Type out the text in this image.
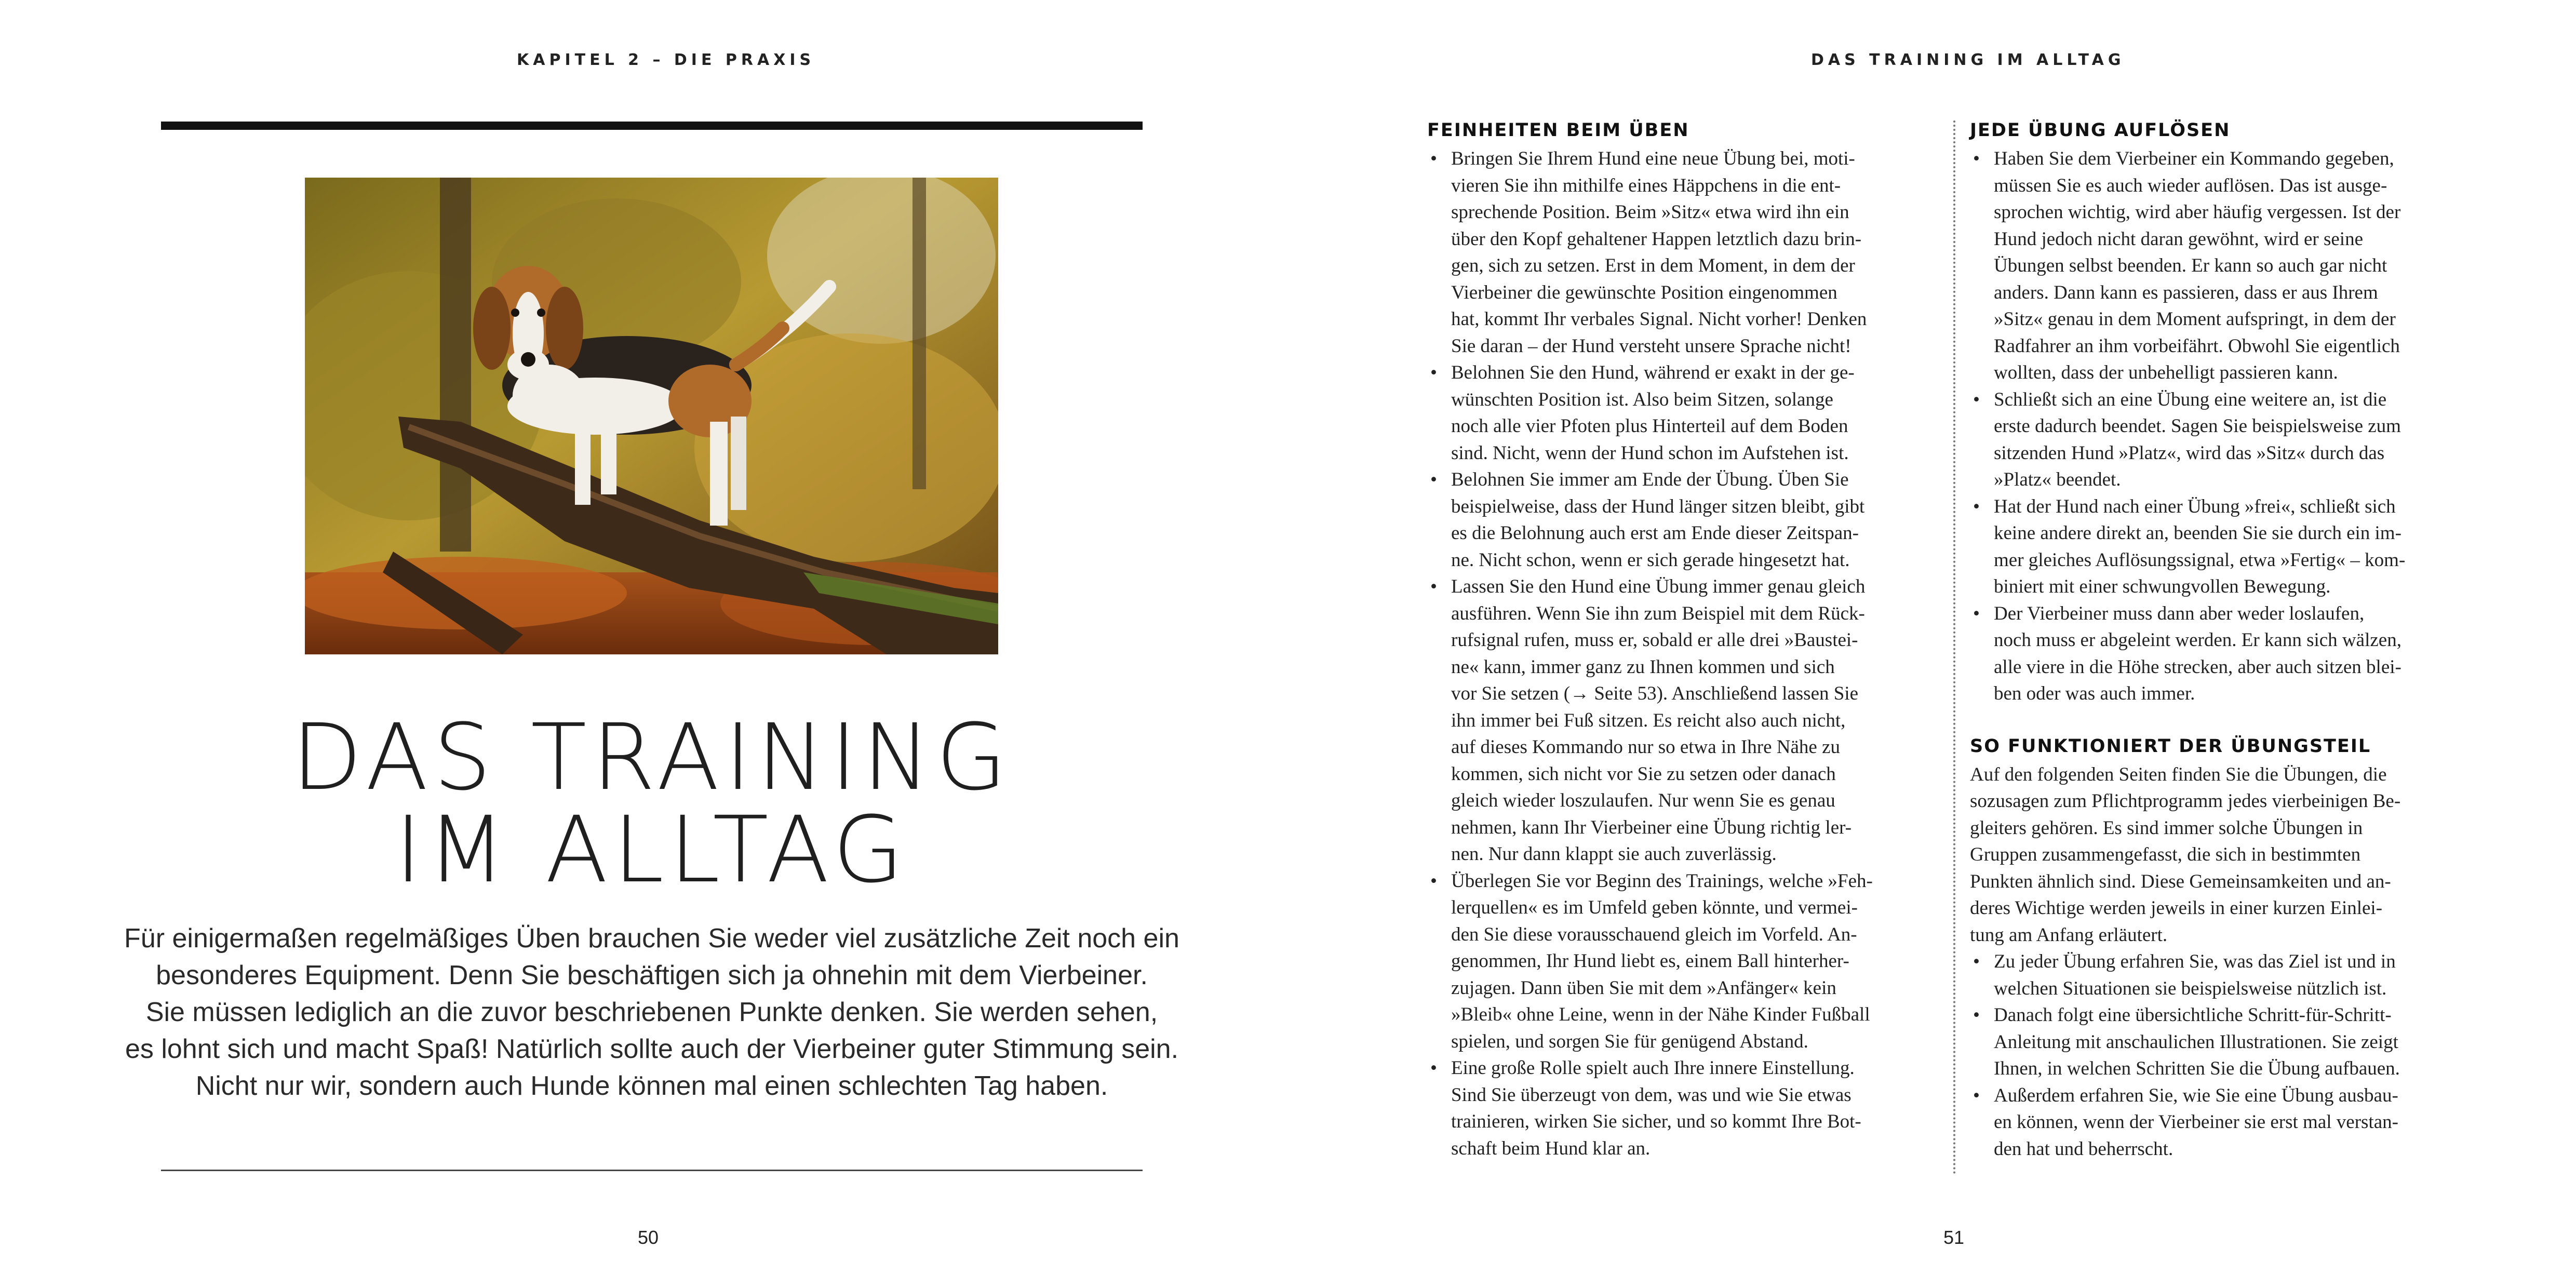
KAPITEL 2 – DIE PRAXIS

DAS TRAINING
IM ALLTAG

Für einigermaßen regelmäßiges Üben brauchen Sie weder viel zusätzliche Zeit noch ein
besonderes Equipment. Denn Sie beschäftigen sich ja ohnehin mit dem Vierbeiner.
Sie müssen lediglich an die zuvor beschriebenen Punkte denken. Sie werden sehen,
es lohnt sich und macht Spaß! Natürlich sollte auch der Vierbeiner guter Stimmung sein.
Nicht nur wir, sondern auch Hunde können mal einen schlechten Tag haben.

50

DAS TRAINING IM ALLTAG

FEINHEITEN BEIM ÜBEN
• Bringen Sie Ihrem Hund eine neue Übung bei, moti-
vieren Sie ihn mithilfe eines Häppchens in die ent-
sprechende Position. Beim »Sitz« etwa wird ihn ein
über den Kopf gehaltener Happen letztlich dazu brin-
gen, sich zu setzen. Erst in dem Moment, in dem der
Vierbeiner die gewünschte Position eingenommen
hat, kommt Ihr verbales Signal. Nicht vorher! Denken
Sie daran – der Hund versteht unsere Sprache nicht!
• Belohnen Sie den Hund, während er exakt in der ge-
wünschten Position ist. Also beim Sitzen, solange
noch alle vier Pfoten plus Hinterteil auf dem Boden
sind. Nicht, wenn der Hund schon im Aufstehen ist.
• Belohnen Sie immer am Ende der Übung. Üben Sie
beispielweise, dass der Hund länger sitzen bleibt, gibt
es die Belohnung auch erst am Ende dieser Zeitspan-
ne. Nicht schon, wenn er sich gerade hingesetzt hat.
• Lassen Sie den Hund eine Übung immer genau gleich
ausführen. Wenn Sie ihn zum Beispiel mit dem Rück-
rufsignal rufen, muss er, sobald er alle drei »Baustei-
ne« kann, immer ganz zu Ihnen kommen und sich
vor Sie setzen (→ Seite 53). Anschließend lassen Sie
ihn immer bei Fuß sitzen. Es reicht also auch nicht,
auf dieses Kommando nur so etwa in Ihre Nähe zu
kommen, sich nicht vor Sie zu setzen oder danach
gleich wieder loszulaufen. Nur wenn Sie es genau
nehmen, kann Ihr Vierbeiner eine Übung richtig ler-
nen. Nur dann klappt sie auch zuverlässig.
• Überlegen Sie vor Beginn des Trainings, welche »Feh-
lerquellen« es im Umfeld geben könnte, und vermei-
den Sie diese vorausschauend gleich im Vorfeld. An-
genommen, Ihr Hund liebt es, einem Ball hinterher-
zujagen. Dann üben Sie mit dem »Anfänger« kein
»Bleib« ohne Leine, wenn in der Nähe Kinder Fußball
spielen, und sorgen Sie für genügend Abstand.
• Eine große Rolle spielt auch Ihre innere Einstellung.
Sind Sie überzeugt von dem, was und wie Sie etwas
trainieren, wirken Sie sicher, und so kommt Ihre Bot-
schaft beim Hund klar an.
JEDE ÜBUNG AUFLÖSEN
• Haben Sie dem Vierbeiner ein Kommando gegeben,
müssen Sie es auch wieder auflösen. Das ist ausge-
sprochen wichtig, wird aber häufig vergessen. Ist der
Hund jedoch nicht daran gewöhnt, wird er seine
Übungen selbst beenden. Er kann so auch gar nicht
anders. Dann kann es passieren, dass er aus Ihrem
»Sitz« genau in dem Moment aufspringt, in dem der
Radfahrer an ihm vorbeifährt. Obwohl Sie eigentlich
wollten, dass der unbehelligt passieren kann.
• Schließt sich an eine Übung eine weitere an, ist die
erste dadurch beendet. Sagen Sie beispielsweise zum
sitzenden Hund »Platz«, wird das »Sitz« durch das
»Platz« beendet.
• Hat der Hund nach einer Übung »frei«, schließt sich
keine andere direkt an, beenden Sie sie durch ein im-
mer gleiches Auflösungssignal, etwa »Fertig« – kom-
biniert mit einer schwungvollen Bewegung.
• Der Vierbeiner muss dann aber weder loslaufen,
noch muss er abgeleint werden. Er kann sich wälzen,
alle viere in die Höhe strecken, aber auch sitzen blei-
ben oder was auch immer.
SO FUNKTIONIERT DER ÜBUNGSTEIL

Auf den folgenden Seiten finden Sie die Übungen, die
sozusagen zum Pflichtprogramm jedes vierbeinigen Be-
gleiters gehören. Es sind immer solche Übungen in
Gruppen zusammengefasst, die sich in bestimmten
Punkten ähnlich sind. Diese Gemeinsamkeiten und an-
deres Wichtige werden jeweils in einer kurzen Einlei-
tung am Anfang erläutert.

• Zu jeder Übung erfahren Sie, was das Ziel ist und in
welchen Situationen sie beispielsweise nützlich ist.
• Danach folgt eine übersichtliche Schritt-für-Schritt-
Anleitung mit anschaulichen Illustrationen. Sie zeigt
Ihnen, in welchen Schritten Sie die Übung aufbauen.
• Außerdem erfahren Sie, wie Sie eine Übung ausbau-
en können, wenn der Vierbeiner sie erst mal verstan-
den hat und beherrscht.

51
